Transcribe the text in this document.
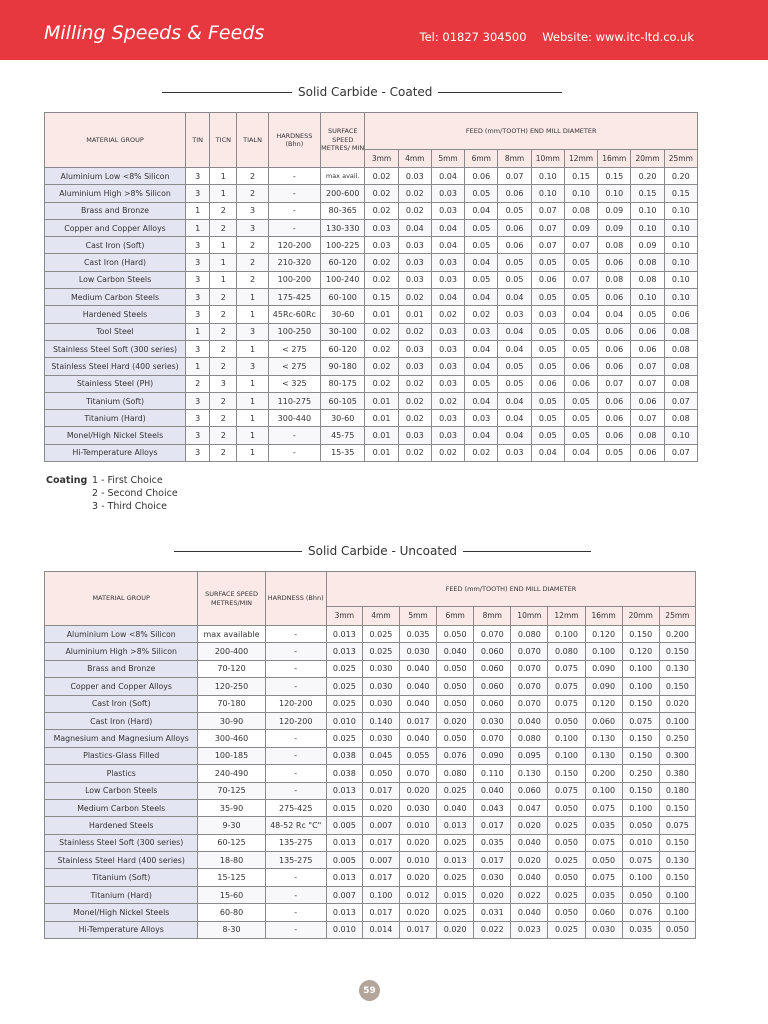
Milling Speeds & Feeds	Tel: 01827 304500 Website: www.itc-ltd.co.uk
Solid Carbide - Coated
MATERIAL GROUP	TIN	TICN	TIALN	HARDNESS (Bhn)	SURFACE SPEED METRES/ MIN	FEED (mm/TOOTH) END MILL DIAMETER									
						3mm	4mm	5mm	6mm	8mm	10mm	12mm	16mm	20mm	25mm
Aluminium Low <8% Silicon	3	1	2	-	max avail.	0.02	0.03	0.04	0.06	0.07	0.10	0.15	0.15	0.20	0.20
Aluminium High >8% Silicon	3	1	2	-	200-600	0.02	0.02	0.03	0.05	0.06	0.10	0.10	0.10	0.15	0.15
Brass and Bronze	1	2	3	-	80-365	0.02	0.02	0.03	0.04	0.05	0.07	0.08	0.09	0.10	0.10
Copper and Copper Alloys	1	2	3	-	130-330	0.03	0.04	0.04	0.05	0.06	0.07	0.09	0.09	0.10	0.10
Cast Iron (Soft)	3	1	2	120-200	100-225	0.03	0.03	0.04	0.05	0.06	0.07	0.07	0.08	0.09	0.10
Cast Iron (Hard)	3	1	2	210-320	60-120	0.02	0.03	0.03	0.04	0.05	0.05	0.05	0.06	0.08	0.10
Low Carbon Steels	3	1	2	100-200	100-240	0.02	0.03	0.03	0.05	0.05	0.06	0.07	0.08	0.08	0.10
Medium Carbon Steels	3	2	1	175-425	60-100	0.15	0.02	0.04	0.04	0.04	0.05	0.05	0.06	0.10	0.10
Hardened Steels	3	2	1	45Rc-60Rc	30-60	0.01	0.01	0.02	0.02	0.03	0.03	0.04	0.04	0.05	0.06
Tool Steel	1	2	3	100-250	30-100	0.02	0.02	0.03	0.03	0.04	0.05	0.05	0.06	0.06	0.08
Stainless Steel Soft (300 series)	3	2	1	< 275	60-120	0.02	0.03	0.03	0.04	0.04	0.05	0.05	0.06	0.06	0.08
Stainless Steel Hard (400 series)	1	2	3	< 275	90-180	0.02	0.03	0.03	0.04	0.05	0.05	0.06	0.06	0.07	0.08
Stainless Steel (PH)	2	3	1	< 325	80-175	0.02	0.02	0.03	0.05	0.05	0.06	0.06	0.07	0.07	0.08
Titanium (Soft)	3	2	1	110-275	60-105	0.01	0.02	0.02	0.04	0.04	0.05	0.05	0.06	0.06	0.07
Titanium (Hard)	3	2	1	300-440	30-60	0.01	0.02	0.03	0.03	0.04	0.05	0.05	0.06	0.07	0.08
Monel/High Nickel Steels	3	2	1	-	45-75	0.01	0.03	0.03	0.04	0.04	0.05	0.05	0.06	0.08	0.10
Hi-Temperature Alloys	3	2	1	-	15-35	0.01	0.02	0.02	0.02	0.03	0.04	0.04	0.05	0.06	0.07
Coating 1 - First Choice
2 - Second Choice
3 - Third Choice
Solid Carbide - Uncoated
MATERIAL GROUP	SURFACE SPEED METRES/MIN	HARDNESS (Bhn)	FEED (mm/TOOTH) END MILL DIAMETER									
			3mm	4mm	5mm	6mm	8mm	10mm	12mm	16mm	20mm	25mm
Aluminium Low <8% Silicon	max available	-	0.013	0.025	0.035	0.050	0.070	0.080	0.100	0.120	0.150	0.200
Aluminium High >8% Silicon	200-400	-	0.013	0.025	0.030	0.040	0.060	0.070	0.080	0.100	0.120	0.150
Brass and Bronze	70-120	-	0.025	0.030	0.040	0.050	0.060	0.070	0.075	0.090	0.100	0.130
Copper and Copper Alloys	120-250	-	0.025	0.030	0.040	0.050	0.060	0.070	0.075	0.090	0.100	0.150
Cast Iron (Soft)	70-180	120-200	0.025	0.030	0.040	0.050	0.060	0.070	0.075	0.120	0.150	0.020
Cast Iron (Hard)	30-90	120-200	0.010	0.140	0.017	0.020	0.030	0.040	0.050	0.060	0.075	0.100
Magnesium and Magnesium Alloys	300-460	-	0.025	0.030	0.040	0.050	0.070	0.080	0.100	0.130	0.150	0.250
Plastics-Glass Filled	100-185	-	0.038	0.045	0.055	0.076	0.090	0.095	0.100	0.130	0.150	0.300
Plastics	240-490	-	0.038	0.050	0.070	0.080	0.110	0.130	0.150	0.200	0.250	0.380
Low Carbon Steels	70-125	-	0.013	0.017	0.020	0.025	0.040	0.060	0.075	0.100	0.150	0.180
Medium Carbon Steels	35-90	275-425	0.015	0.020	0.030	0.040	0.043	0.047	0.050	0.075	0.100	0.150
Hardened Steels	9-30	48-52 Rc "C"	0.005	0.007	0.010	0.013	0.017	0.020	0.025	0.035	0.050	0.075
Stainless Steel Soft (300 series)	60-125	135-275	0.013	0.017	0.020	0.025	0.035	0.040	0.050	0.075	0.010	0.150
Stainless Steel Hard (400 series)	18-80	135-275	0.005	0.007	0.010	0.013	0.017	0.020	0.025	0.050	0.075	0.130
Titanium (Soft)	15-125	-	0.013	0.017	0.020	0.025	0.030	0.040	0.050	0.075	0.100	0.150
Titanium (Hard)	15-60	-	0.007	0.100	0.012	0.015	0.020	0.022	0.025	0.035	0.050	0.100
Monel/High Nickel Steels	60-80	-	0.013	0.017	0.020	0.025	0.031	0.040	0.050	0.060	0.076	0.100
Hi-Temperature Alloys	8-30	-	0.010	0.014	0.017	0.020	0.022	0.023	0.025	0.030	0.035	0.050
59
